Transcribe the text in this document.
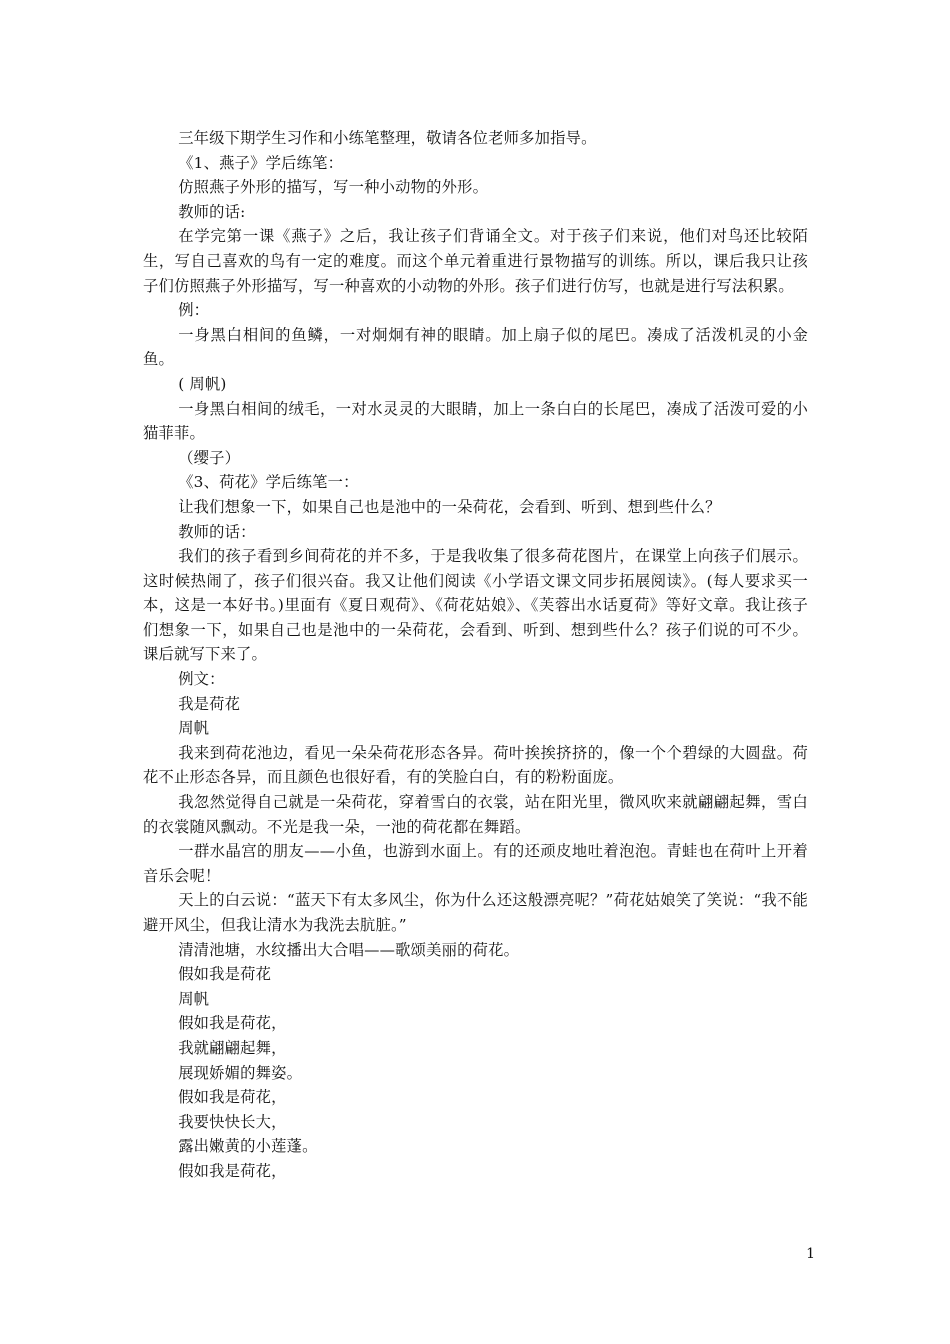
三年级下期学生习作和小练笔整理，敬请各位老师多加指导。

《1、燕子》学后练笔：

仿照燕子外形的描写，写一种小动物的外形。

教师的话:

在学完第一课《燕子》之后，我让孩子们背诵全文。对于孩子们来说，他们对鸟还比较陌生，写自己喜欢的鸟有一定的难度。而这个单元着重进行景物描写的训练。所以，课后我只让孩子们仿照燕子外形描写，写一种喜欢的小动物的外形。孩子们进行仿写，也就是进行写法积累。

例：

一身黑白相间的鱼鳞，一对炯炯有神的眼睛。加上扇子似的尾巴。凑成了活泼机灵的小金鱼。

( 周帆)

一身黑白相间的绒毛，一对水灵灵的大眼睛，加上一条白白的长尾巴，凑成了活泼可爱的小猫菲菲。

（缨子）

《3、荷花》学后练笔一：

让我们想象一下，如果自己也是池中的一朵荷花，会看到、听到、想到些什么？

教师的话：

我们的孩子看到乡间荷花的并不多，于是我收集了很多荷花图片，在课堂上向孩子们展示。这时候热闹了，孩子们很兴奋。我又让他们阅读《小学语文课文同步拓展阅读》。(每人要求买一本，这是一本好书。)里面有《夏日观荷》、《荷花姑娘》、《芙蓉出水话夏荷》等好文章。我让孩子们想象一下，如果自己也是池中的一朵荷花，会看到、听到、想到些什么？孩子们说的可不少。课后就写下来了。

例文：

我是荷花

周帆

我来到荷花池边，看见一朵朵荷花形态各异。荷叶挨挨挤挤的，像一个个碧绿的大圆盘。荷花不止形态各异，而且颜色也很好看，有的笑脸白白，有的粉粉面庞。

我忽然觉得自己就是一朵荷花，穿着雪白的衣裳，站在阳光里，微风吹来就翩翩起舞，雪白的衣裳随风飘动。不光是我一朵，一池的荷花都在舞蹈。

一群水晶宫的朋友——小鱼，也游到水面上。有的还顽皮地吐着泡泡。青蛙也在荷叶上开着音乐会呢！

天上的白云说：“蓝天下有太多风尘，你为什么还这般漂亮呢？”荷花姑娘笑了笑说：“我不能避开风尘，但我让清水为我洗去肮脏。”

清清池塘，水纹播出大合唱——歌颂美丽的荷花。

假如我是荷花

周帆

假如我是荷花，

我就翩翩起舞，

展现娇媚的舞姿。

假如我是荷花，

我要快快长大，

露出嫩黄的小莲蓬。

假如我是荷花，

1
